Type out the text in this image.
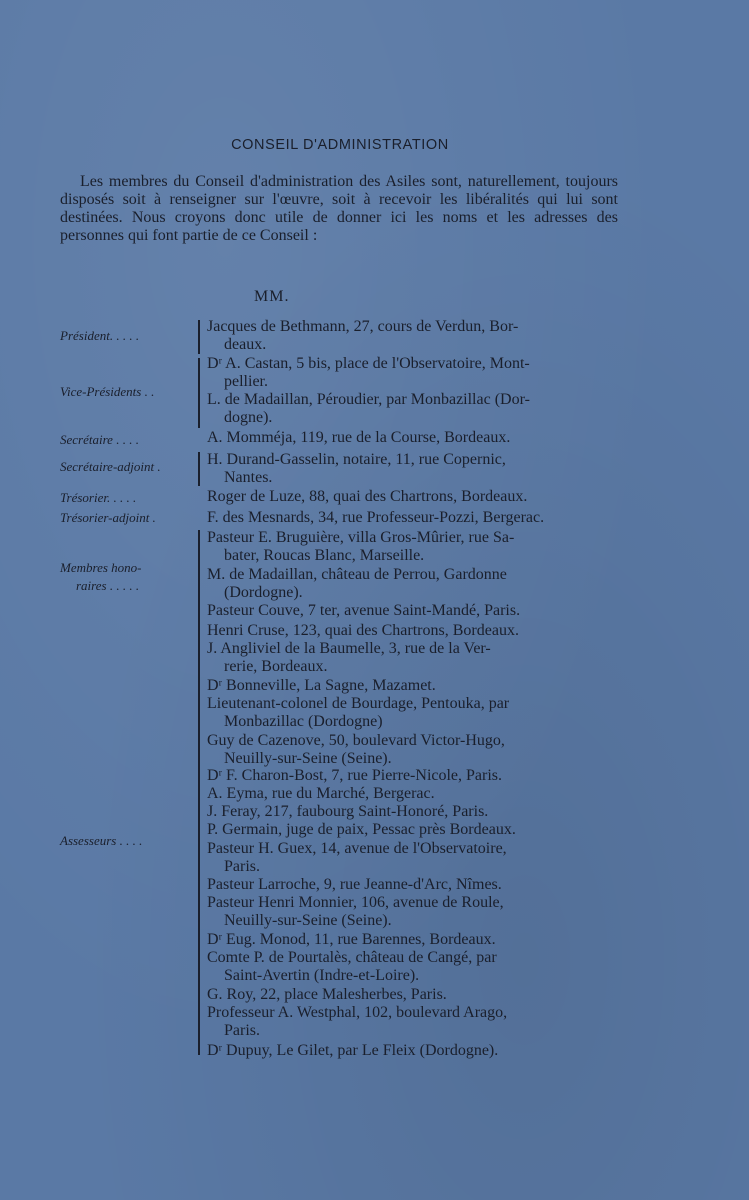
CONSEIL D'ADMINISTRATION

Les membres du Conseil d'administration des Asiles sont, naturellement, toujours disposés soit à renseigner sur l'œuvre, soit à recevoir les libéralités qui lui sont destinées. Nous croyons donc utile de donner ici les noms et les adresses des personnes qui font partie de ce Conseil :

MM.
Président. . . . .
Vice-Présidents . .
Secrétaire . . . .
Secrétaire-adjoint .
Trésorier. . . . .
Trésorier-adjoint .
Membres hono-
raires . . . . .
Assesseurs . . . .
Jacques de Bethmann, 27, cours de Verdun, Bor-
deaux.
Dʳ A. Castan, 5 bis, place de l'Observatoire, Mont-
pellier.
L. de Madaillan, Péroudier, par Monbazillac (Dor-
dogne).
A. Momméja, 119, rue de la Course, Bordeaux.
H. Durand-Gasselin, notaire, 11, rue Copernic,
Nantes.
Roger de Luze, 88, quai des Chartrons, Bordeaux.
F. des Mesnards, 34, rue Professeur-Pozzi, Bergerac.
Pasteur E. Bruguière, villa Gros-Mûrier, rue Sa-
bater, Roucas Blanc, Marseille.
M. de Madaillan, château de Perrou, Gardonne
(Dordogne).
Pasteur Couve, 7 ter, avenue Saint-Mandé, Paris.
Henri Cruse, 123, quai des Chartrons, Bordeaux.
J. Angliviel de la Baumelle, 3, rue de la Ver-
rerie, Bordeaux.
Dʳ Bonneville, La Sagne, Mazamet.
Lieutenant-colonel de Bourdage, Pentouka, par
Monbazillac (Dordogne)
Guy de Cazenove, 50, boulevard Victor-Hugo,
Neuilly-sur-Seine (Seine).
Dʳ F. Charon-Bost, 7, rue Pierre-Nicole, Paris.
A. Eyma, rue du Marché, Bergerac.
J. Feray, 217, faubourg Saint-Honoré, Paris.
P. Germain, juge de paix, Pessac près Bordeaux.
Pasteur H. Guex, 14, avenue de l'Observatoire,
Paris.
Pasteur Larroche, 9, rue Jeanne-d'Arc, Nîmes.
Pasteur Henri Monnier, 106, avenue de Roule,
Neuilly-sur-Seine (Seine).
Dʳ Eug. Monod, 11, rue Barennes, Bordeaux.
Comte P. de Pourtalès, château de Cangé, par
Saint-Avertin (Indre-et-Loire).
G. Roy, 22, place Malesherbes, Paris.
Professeur A. Westphal, 102, boulevard Arago,
Paris.
Dʳ Dupuy, Le Gilet, par Le Fleix (Dordogne).
